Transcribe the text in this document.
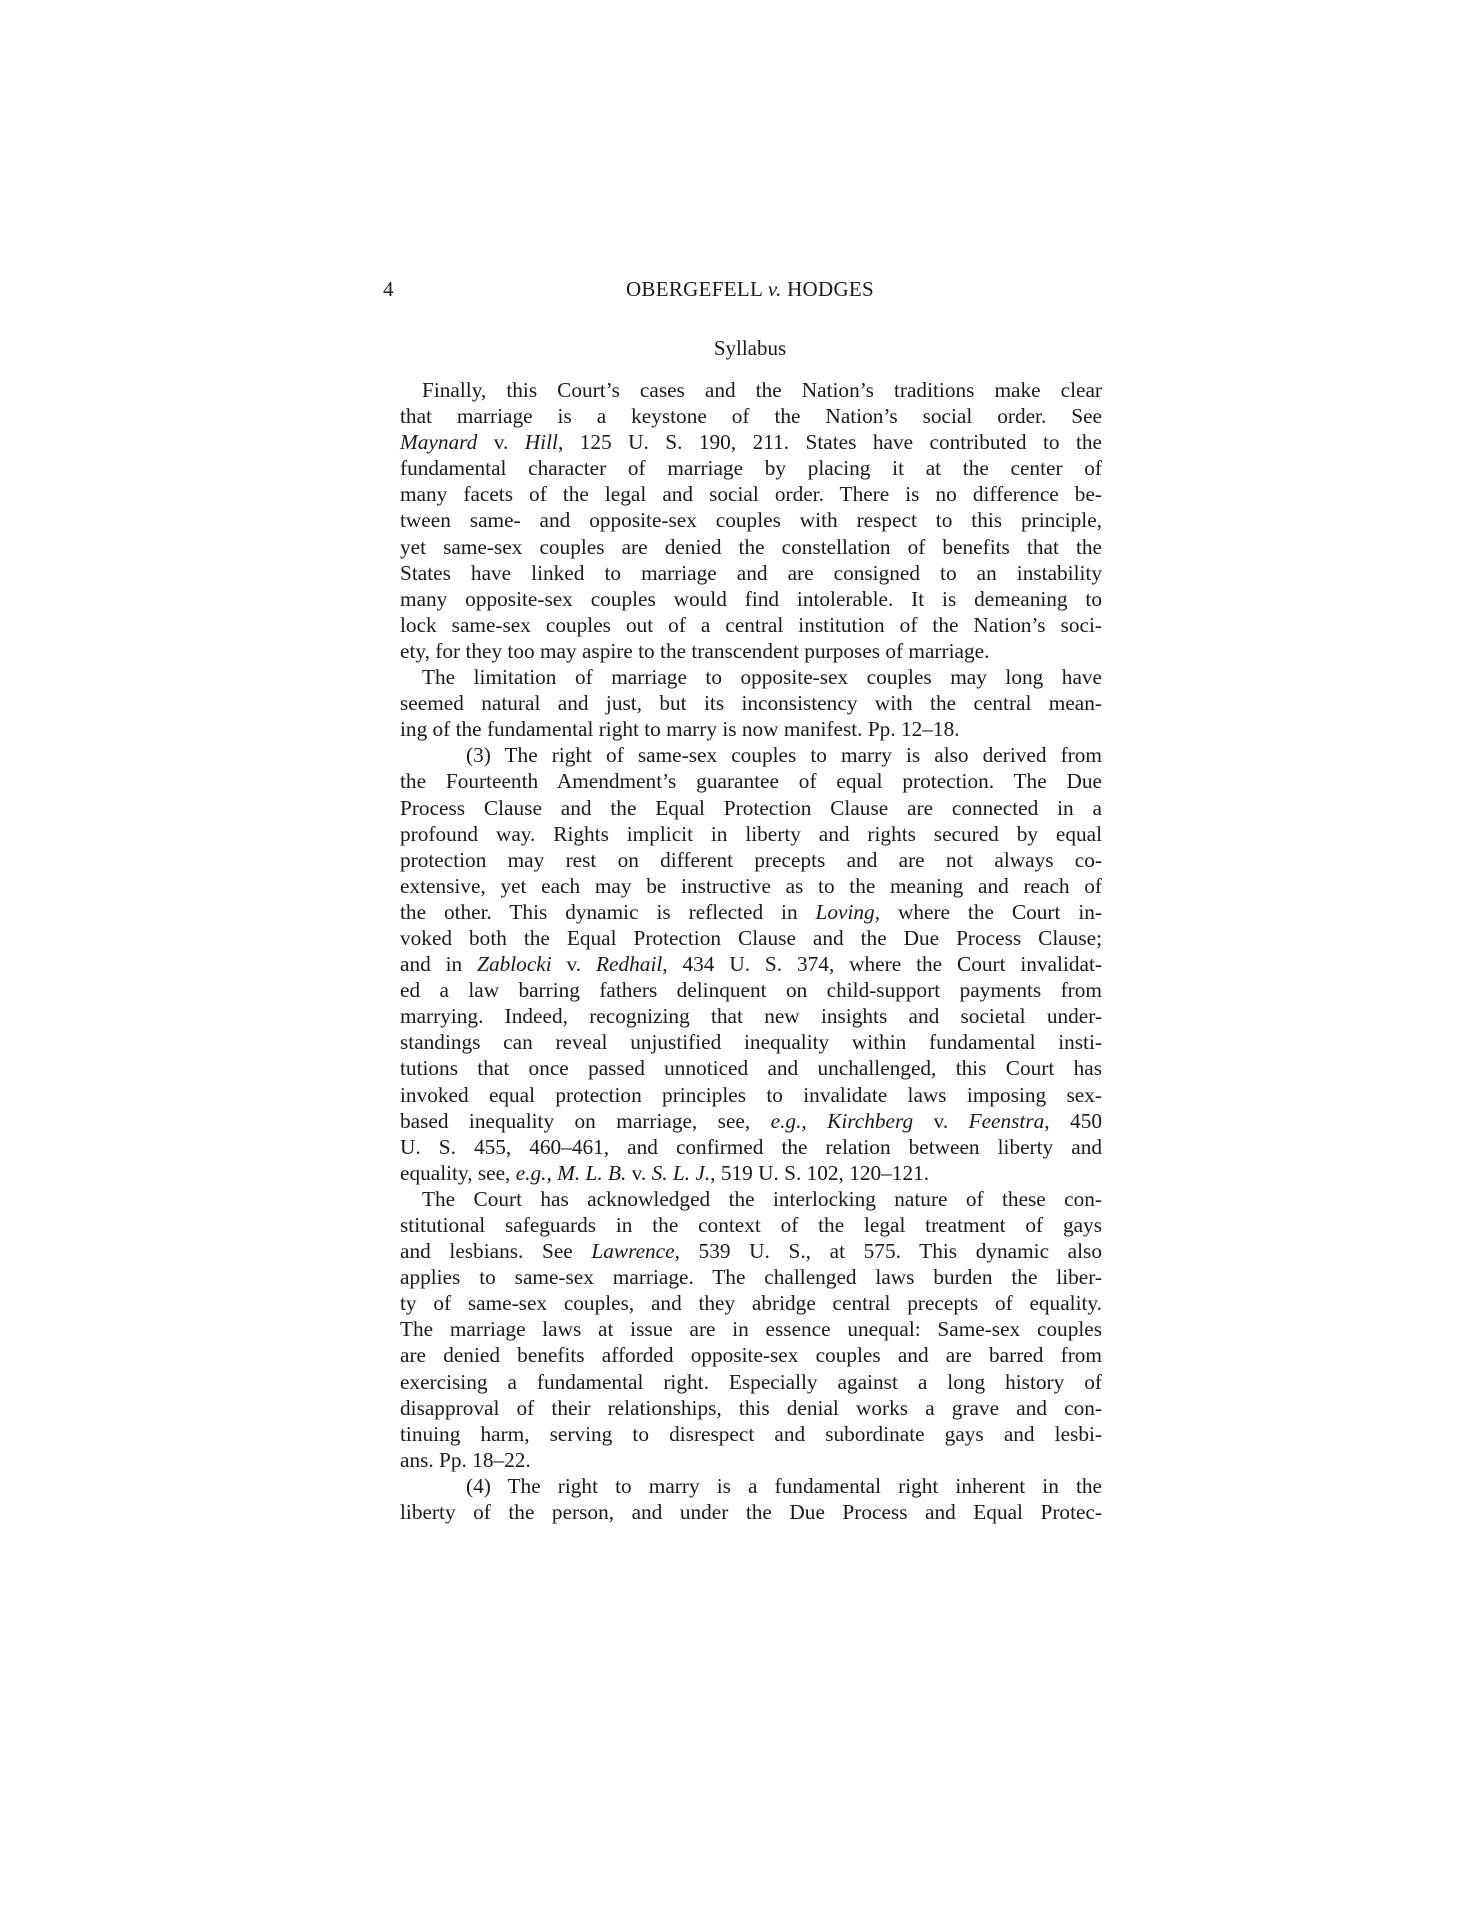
4	OBERGEFELL v. HODGES
Syllabus
Finally, this Court’s cases and the Nation’s traditions make clear
that marriage is a keystone of the Nation’s social order. See
Maynard v. Hill, 125 U. S. 190, 211. States have contributed to the
fundamental character of marriage by placing it at the center of
many facets of the legal and social order. There is no difference be-
tween same- and opposite-sex couples with respect to this principle,
yet same-sex couples are denied the constellation of benefits that the
States have linked to marriage and are consigned to an instability
many opposite-sex couples would find intolerable. It is demeaning to
lock same-sex couples out of a central institution of the Nation’s soci-
ety, for they too may aspire to the transcendent purposes of marriage.
The limitation of marriage to opposite-sex couples may long have
seemed natural and just, but its inconsistency with the central mean-
ing of the fundamental right to marry is now manifest. Pp. 12–18.
(3) The right of same-sex couples to marry is also derived from
the Fourteenth Amendment’s guarantee of equal protection. The Due
Process Clause and the Equal Protection Clause are connected in a
profound way. Rights implicit in liberty and rights secured by equal
protection may rest on different precepts and are not always co-
extensive, yet each may be instructive as to the meaning and reach of
the other. This dynamic is reflected in Loving, where the Court in-
voked both the Equal Protection Clause and the Due Process Clause;
and in Zablocki v. Redhail, 434 U. S. 374, where the Court invalidat-
ed a law barring fathers delinquent on child-support payments from
marrying. Indeed, recognizing that new insights and societal under-
standings can reveal unjustified inequality within fundamental insti-
tutions that once passed unnoticed and unchallenged, this Court has
invoked equal protection principles to invalidate laws imposing sex-
based inequality on marriage, see, e.g., Kirchberg v. Feenstra, 450
U. S. 455, 460–461, and confirmed the relation between liberty and
equality, see, e.g., M. L. B. v. S. L. J., 519 U. S. 102, 120–121.
The Court has acknowledged the interlocking nature of these con-
stitutional safeguards in the context of the legal treatment of gays
and lesbians. See Lawrence, 539 U. S., at 575. This dynamic also
applies to same-sex marriage. The challenged laws burden the liber-
ty of same-sex couples, and they abridge central precepts of equality.
The marriage laws at issue are in essence unequal: Same-sex couples
are denied benefits afforded opposite-sex couples and are barred from
exercising a fundamental right. Especially against a long history of
disapproval of their relationships, this denial works a grave and con-
tinuing harm, serving to disrespect and subordinate gays and lesbi-
ans. Pp. 18–22.
(4) The right to marry is a fundamental right inherent in the
liberty of the person, and under the Due Process and Equal Protec-
